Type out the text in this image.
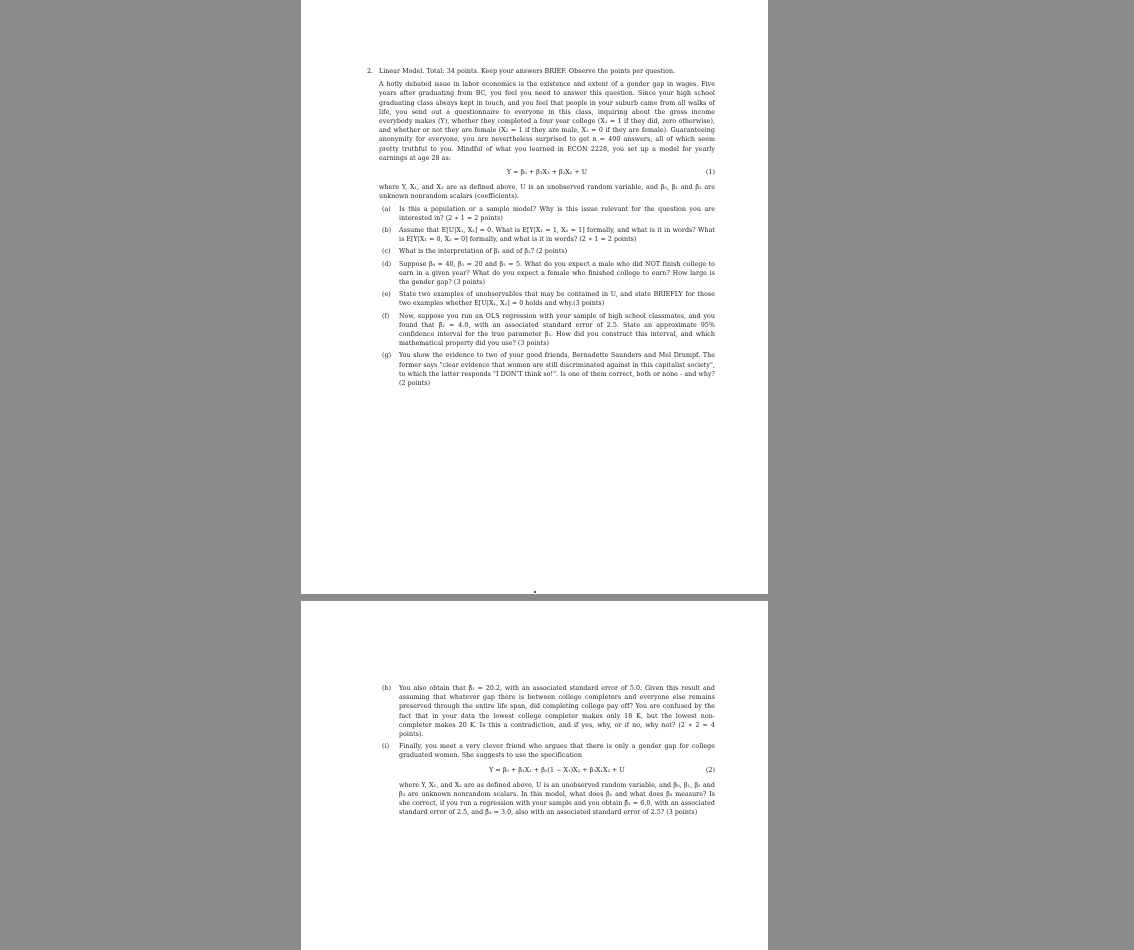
2. Linear Model. Total: 34 points. Keep your answers BRIEF. Observe the points per question.
A hotly debated issue in labor economics is the existence and extent of a gender gap in wages. Five years after graduating from BC, you feel you need to answer this question. Since your high school graduating class always kept in touch, and you feel that people in your suburb came from all walks of life, you send out a questionnaire to everyone in this class, inquiring about the gross income everybody makes (Y), whether they completed a four year college (X₁ = 1 if they did, zero otherwise), and whether or not they are female (X₂ = 1 if they are male, X₂ = 0 if they are female). Guaranteeing anonymity for everyone, you are nevertheless surprised to get n = 400 answers, all of which seem pretty truthful to you. Mindful of what you learned in ECON 2228, you set up a model for yearly earnings at age 28 as:
Y = β₀ + β₁X₁ + β₂X₂ + U	(1)
where Y, X₁, and X₂ are as defined above, U is an unobserved random variable, and β₀, β₁ and β₂ are unknown nonrandom scalars (coefficients).
(a) Is this a population or a sample model? Why is this issue relevant for the question you are interested in? (2 ∗ 1 = 2 points)
(b) Assume that E[U|X₁, X₂] = 0. What is E[Y|X₁ = 1, X₂ = 1] formally, and what is it in words? What is E[Y|X₁ = 0, X₂ = 0] formally, and what is it in words? (2 ∗ 1 = 2 points)
(c) What is the interpretation of β₁ and of β₂? (2 points)
(d) Suppose β₀ = 40, β₁ = 20 and β₂ = 5. What do you expect a male who did NOT finish college to earn in a given year? What do you expect a female who finished college to earn? How large is the gender gap? (3 points)
(e) State two examples of unobservables that may be contained in U, and state BRIEFLY for those two examples whether E[U|X₁, X₂] = 0 holds and why.(3 points)
(f) Now, suppose you run an OLS regression with your sample of high school classmates, and you found that β̂₂ = 4.0, with an associated standard error of 2.5. State an approximate 95% confidence interval for the true parameter β₂. How did you construct this interval, and which mathematical property did you use? (3 points)
(g) You show the evidence to two of your good friends, Bernadette Saunders and Mel Drumpf. The former says "clear evidence that women are still discriminated against in this capitalist society", to which the latter responds "I DON'T think so!". Is one of them correct, both or none - and why? (2 points)
(h) You also obtain that β̂₁ = 20.2, with an associated standard error of 5.0. Given this result and assuming that whatever gap there is between college completers and everyone else remains preserved through the entire life span, did completing college pay off? You are confused by the fact that in your data the lowest college completer makes only 18 K, but the lowest non-completer makes 20 K. Is this a contradiction, and if yes, why, or if no, why not? (2 ∗ 2 = 4 points).
(i) Finally, you meet a very clever friend who argues that there is only a gender gap for college graduated women. She suggests to use the specification
Y = β₀ + β₁X₁ + β₂(1 − X₁)X₂ + β₃X₁X₂ + U	(2)
where Y, X₁, and X₂ are as defined above, U is an unobserved random variable, and β₀, β₁, β₂ and β₃ are unknown nonrandom scalars. In this model, what does β₂ and what does β₃ measure? Is she correct, if you run a regression with your sample and you obtain β̂₂ = 6.0, with an associated standard error of 2.5, and β̂₃ = 3.0, also with an associated standard error of 2.5? (3 points)
